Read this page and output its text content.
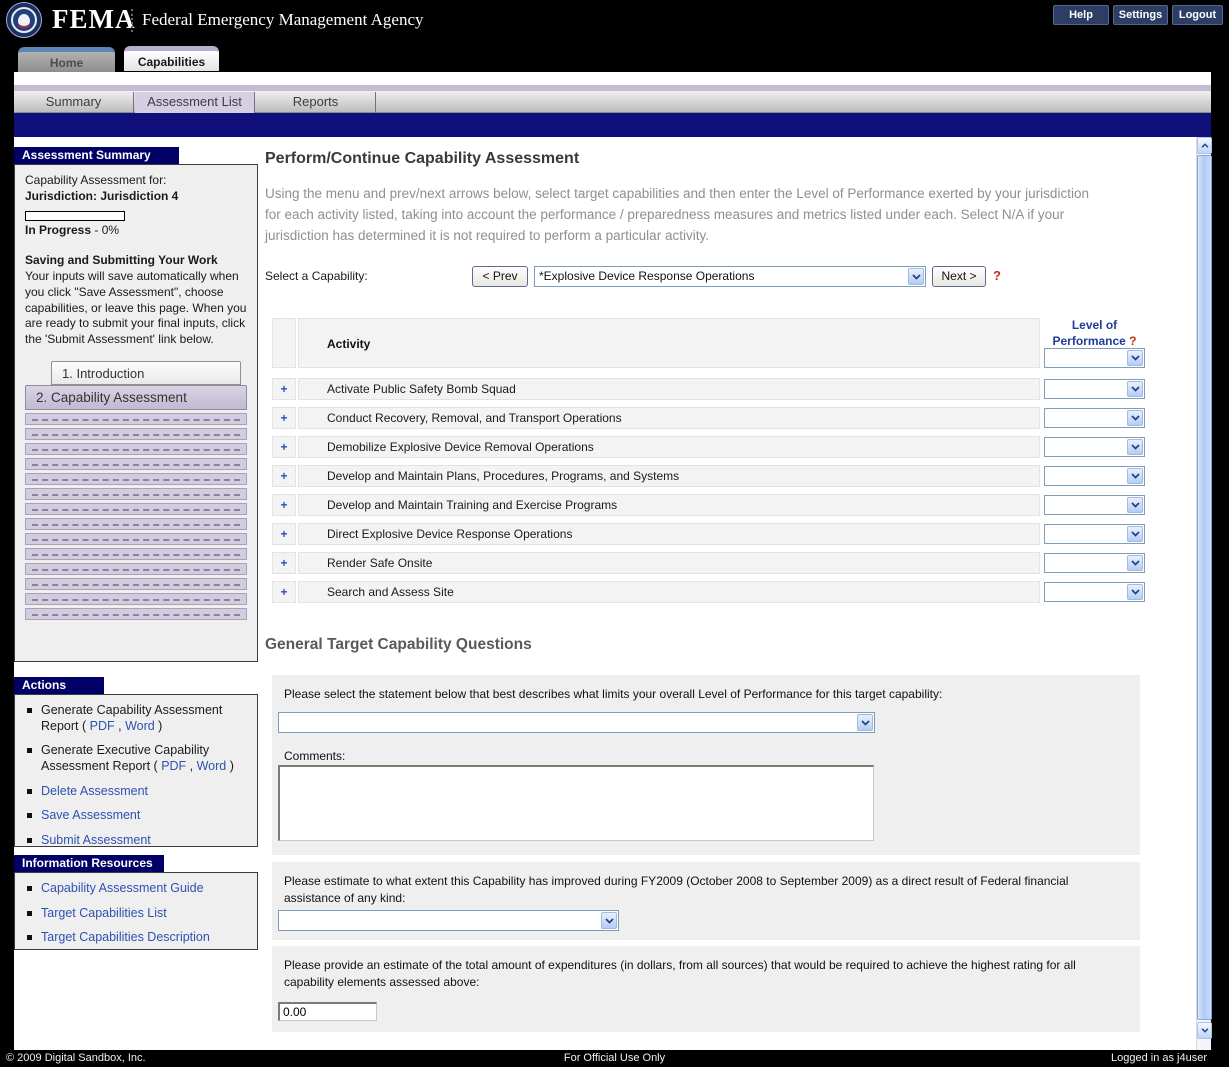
FEMA Federal Emergency Management Agency	Help	Settings	Logout
Home	Capabilities
Summary	Assessment List	Reports
Assessment Summary
Capability Assessment for:
Jurisdiction: Jurisdiction 4
In Progress - 0%
Saving and Submitting Your Work
Your inputs will save automatically when you click "Save Assessment", choose capabilities, or leave this page. When you are ready to submit your final inputs, click the 'Submit Assessment' link below.
1. Introduction
2. Capability Assessment
Actions
Generate Capability Assessment Report ( PDF , Word )
Generate Executive Capability Assessment Report ( PDF , Word )
Delete Assessment
Save Assessment
Submit Assessment
Information Resources
Capability Assessment Guide
Target Capabilities List
Target Capabilities Description
Perform/Continue Capability Assessment
Using the menu and prev/next arrows below, select target capabilities and then enter the Level of Performance exerted by your jurisdiction for each activity listed, taking into account the performance / preparedness measures and metrics listed under each. Select N/A if your jurisdiction has determined it is not required to perform a particular activity.
Select a Capability:	< Prev	*Explosive Device Response Operations	Next >	?
Activity
Level of Performance ?
+	Activate Public Safety Bomb Squad
+	Conduct Recovery, Removal, and Transport Operations
+	Demobilize Explosive Device Removal Operations
+	Develop and Maintain Plans, Procedures, Programs, and Systems
+	Develop and Maintain Training and Exercise Programs
+	Direct Explosive Device Response Operations
+	Render Safe Onsite
+	Search and Assess Site
General Target Capability Questions
Please select the statement below that best describes what limits your overall Level of Performance for this target capability:
Comments:
Please estimate to what extent this Capability has improved during FY2009 (October 2008 to September 2009) as a direct result of Federal financial assistance of any kind:
Please provide an estimate of the total amount of expenditures (in dollars, from all sources) that would be required to achieve the highest rating for all capability elements assessed above:
0.00
© 2009 Digital Sandbox, Inc.	For Official Use Only	Logged in as j4user
